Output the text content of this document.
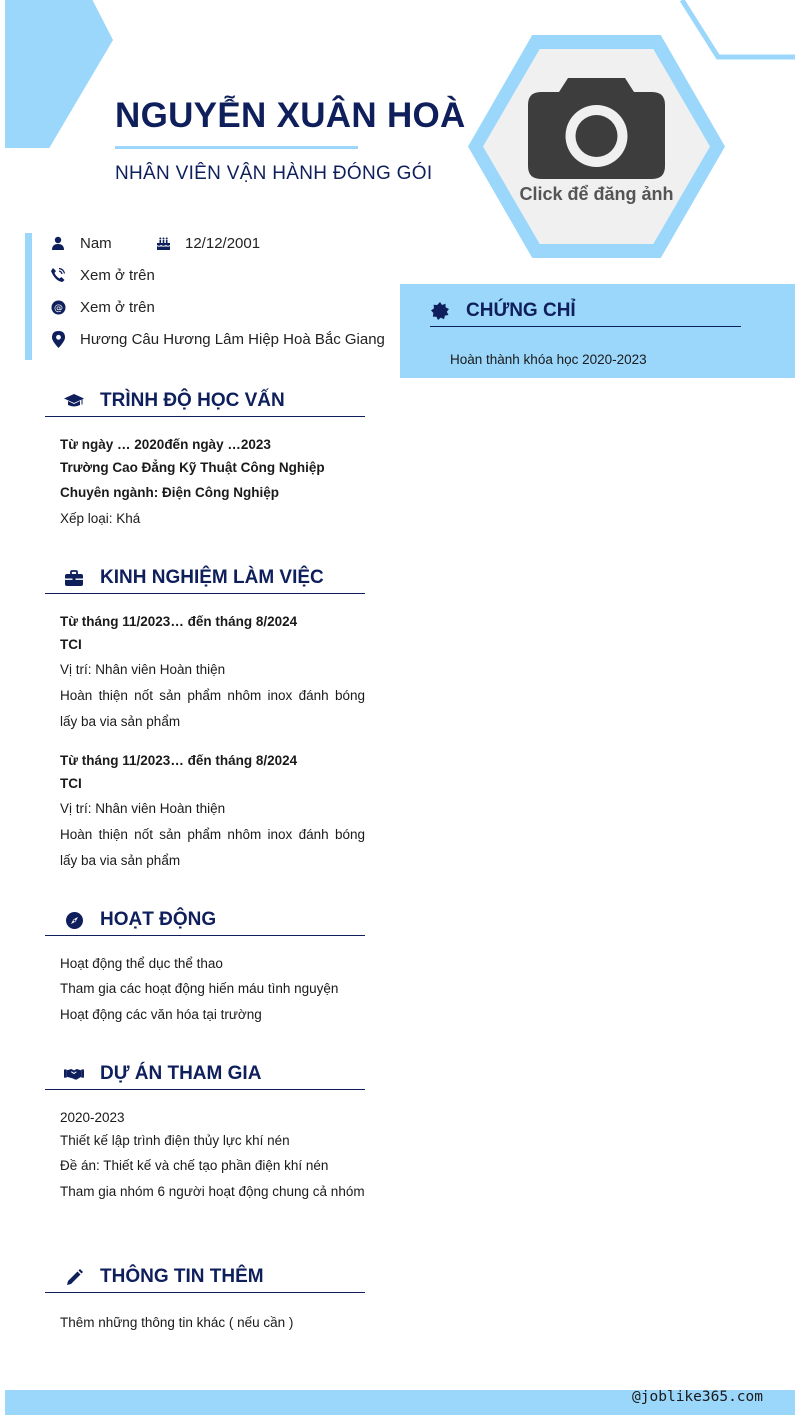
NGUYỄN XUÂN HOÀ
NHÂN VIÊN VẬN HÀNH ĐÓNG GÓI
Click để đăng ảnh
Nam	12/12/2001
Xem ở trên
@ Xem ở trên
Hương Câu Hương Lâm Hiệp Hoà Bắc Giang
CHỨNG CHỈ
Hoàn thành khóa học 2020-2023
TRÌNH ĐỘ HỌC VẤN
Từ ngày … 2020đến ngày …2023
Trường Cao Đẳng Kỹ Thuật Công Nghiệp
Chuyên ngành: Điện Công Nghiệp
Xếp loại: Khá
KINH NGHIỆM LÀM VIỆC
Từ tháng 11/2023… đến tháng 8/2024
TCI
Vị trí: Nhân viên Hoàn thiện
Hoàn thiện nốt sản phẩm nhôm inox đánh bóng lấy ba via sản phẩm
Từ tháng 11/2023… đến tháng 8/2024
TCI
Vị trí: Nhân viên Hoàn thiện
Hoàn thiện nốt sản phẩm nhôm inox đánh bóng lấy ba via sản phẩm
HOẠT ĐỘNG
Hoạt động thể dục thể thao
Tham gia các hoạt động hiến máu tình nguyện
Hoạt động các văn hóa tại trường
DỰ ÁN THAM GIA
2020-2023
Thiết kế lập trình điện thủy lực khí nén
Đề án: Thiết kế và chế tạo phần điện khí nén
Tham gia nhóm 6 người hoạt động chung cả nhóm
THÔNG TIN THÊM
Thêm những thông tin khác ( nếu cần )
@joblike365.com
